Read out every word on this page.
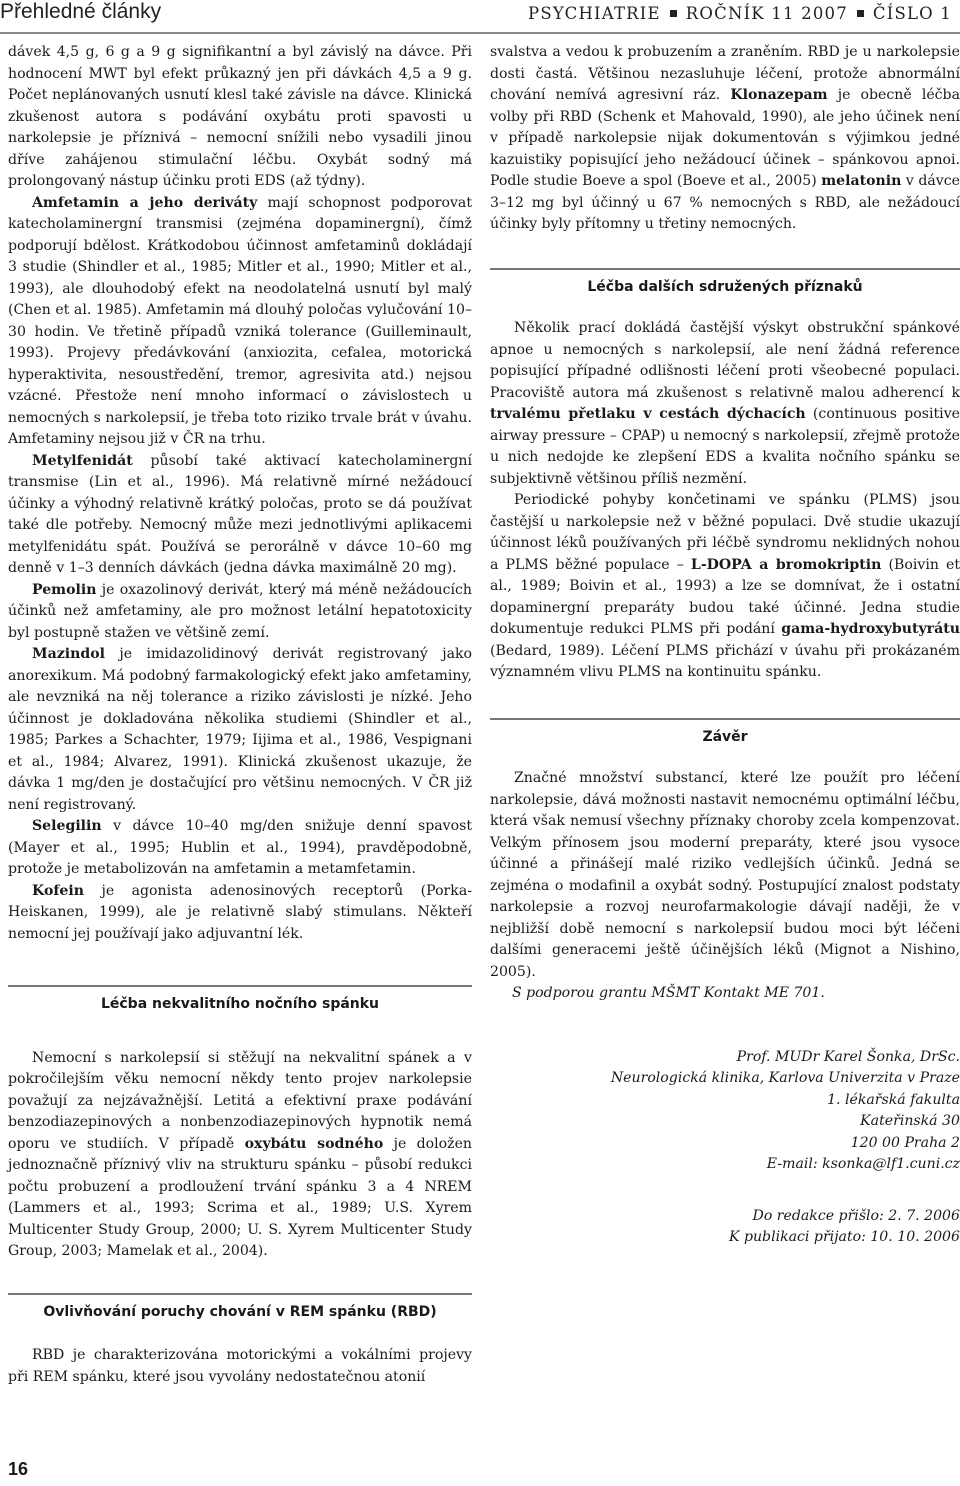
Přehledné články	PSYCHIATRIE ROČNÍK 11 2007 ČÍSLO 1

dávek 4,5 g, 6 g a 9 g signifikantní a byl závislý na dávce. Při hodnocení MWT byl efekt průkazný jen při dávkách 4,5 a 9 g. Počet neplánovaných usnutí klesl také závisle na dávce. Klinická zkušenost autora s podávání oxybátu proti spavosti u narkolepsie je příznivá – nemocní snížili nebo vysadili jinou dříve zahájenou stimulační léčbu. Oxybát sodný má prolongovaný nástup účinku proti EDS (až týdny).

Amfetamin a jeho deriváty mají schopnost podporovat katecholaminergní transmisi (zejména dopaminergní), čímž podporují bdělost. Krátkodobou účinnost amfetaminů dokládají 3 studie (Shindler et al., 1985; Mitler et al., 1990; Mitler et al., 1993), ale dlouhodobý efekt na neodolatelná usnutí byl malý (Chen et al. 1985). Amfetamin má dlouhý poločas vylučování 10–30 hodin. Ve třetině případů vzniká tolerance (Guilleminault, 1993). Projevy předávkování (anxiozita, cefalea, motorická hyperaktivita, nesoustředění, tremor, agresivita atd.) nejsou vzácné. Přestože není mnoho informací o závislostech u nemocných s narkolepsií, je třeba toto riziko trvale brát v úvahu. Amfetaminy nejsou již v ČR na trhu.

Metylfenidát působí také aktivací katecholaminergní transmise (Lin et al., 1996). Má relativně mírné nežádoucí účinky a výhodný relativně krátký poločas, proto se dá používat také dle potřeby. Nemocný může mezi jednotlivými aplikacemi metylfenidátu spát. Používá se perorálně v dávce 10–60 mg denně v 1–3 denních dávkách (jedna dávka maximálně 20 mg).

Pemolin je oxazolinový derivát, který má méně nežádoucích účinků než amfetaminy, ale pro možnost letální hepatotoxicity byl postupně stažen ve většině zemí.

Mazindol je imidazolidinový derivát registrovaný jako anorexikum. Má podobný farmakologický efekt jako amfetaminy, ale nevzniká na něj tolerance a riziko závislosti je nízké. Jeho účinnost je dokladována několika studiemi (Shindler et al., 1985; Parkes a Schachter, 1979; Iijima et al., 1986, Vespignani et al., 1984; Alvarez, 1991). Klinická zkušenost ukazuje, že dávka 1 mg/den je dostačující pro většinu nemocných. V ČR již není registrovaný.

Selegilin v dávce 10–40 mg/den snižuje denní spavost (Mayer et al., 1995; Hublin et al., 1994), pravděpodobně, protože je metabolizován na amfetamin a metamfetamin.

Kofein je agonista adenosinových receptorů (Porka-Heiskanen, 1999), ale je relativně slabý stimulans. Někteří nemocní jej používají jako adjuvantní lék.

Léčba nekvalitního nočního spánku

Nemocní s narkolepsií si stěžují na nekvalitní spánek a v pokročilejším věku nemocní někdy tento projev narkolepsie považují za nejzávažnější. Letitá a efektivní praxe podávání benzodiazepinových a nonbenzodiazepinových hypnotik nemá oporu ve studiích. V případě oxybátu sodného je doložen jednoznačně příznivý vliv na strukturu spánku – působí redukci počtu probuzení a prodloužení trvání spánku 3 a 4 NREM (Lammers et al., 1993; Scrima et al., 1989; U.S. Xyrem Multicenter Study Group, 2000; U. S. Xyrem Multicenter Study Group, 2003; Mamelak et al., 2004).

Ovlivňování poruchy chování v REM spánku (RBD)

RBD je charakterizována motorickými a vokálními projevy při REM spánku, které jsou vyvolány nedostatečnou atonií

svalstva a vedou k probuzením a zraněním. RBD je u narkolepsie dosti častá. Většinou nezasluhuje léčení, protože abnormální chování nemívá agresivní ráz. Klonazepam je obecně léčba volby při RBD (Schenk et Mahovald, 1990), ale jeho účinek není v případě narkolepsie nijak dokumentován s výjimkou jedné kazuistiky popisující jeho nežádoucí účinek – spánkovou apnoi. Podle studie Boeve a spol (Boeve et al., 2005) melatonin v dávce 3–12 mg byl účinný u 67 % nemocných s RBD, ale nežádoucí účinky byly přítomny u třetiny nemocných.

Léčba dalších sdružených příznaků

Několik prací dokládá častější výskyt obstrukční spánkové apnoe u nemocných s narkolepsií, ale není žádná reference popisující případné odlišnosti léčení proti všeobecné populaci. Pracoviště autora má zkušenost s relativně malou adherencí k trvalému přetlaku v cestách dýchacích (continuous positive airway pressure – CPAP) u nemocný s narkolepsií, zřejmě protože u nich nedojde ke zlepšení EDS a kvalita nočního spánku se subjektivně většinou příliš nezmění.

Periodické pohyby končetinami ve spánku (PLMS) jsou častější u narkolepsie než v běžné populaci. Dvě studie ukazují účinnost léků používaných při léčbě syndromu neklidných nohou a PLMS běžné populace – L-DOPA a bromokriptin (Boivin et al., 1989; Boivin et al., 1993) a lze se domnívat, že i ostatní dopaminergní preparáty budou také účinné. Jedna studie dokumentuje redukci PLMS při podání gama-hydroxybutyrátu (Bedard, 1989). Léčení PLMS přichází v úvahu při prokázaném významném vlivu PLMS na kontinuitu spánku.

Závěr

Značné množství substancí, které lze použít pro léčení narkolepsie, dává možnosti nastavit nemocnému optimální léčbu, která však nemusí všechny příznaky choroby zcela kompenzovat. Velkým přínosem jsou moderní preparáty, které jsou vysoce účinné a přinášejí malé riziko vedlejších účinků. Jedná se zejména o modafinil a oxybát sodný. Postupující znalost podstaty narkolepsie a rozvoj neurofarmakologie dávají naději, že v nejbližší době nemocní s narkolepsií budou moci být léčeni dalšími generacemi ještě účinějších léků (Mignot a Nishino, 2005).

S podporou grantu MŠMT Kontakt ME 701.

Prof. MUDr Karel Šonka, DrSc.
Neurologická klinika, Karlova Univerzita v Praze
1. lékařská fakulta
Kateřinská 30
120 00 Praha 2
E-mail: ksonka@lf1.cuni.cz
Do redakce přišlo: 2. 7. 2006
K publikaci přijato: 10. 10. 2006
16
